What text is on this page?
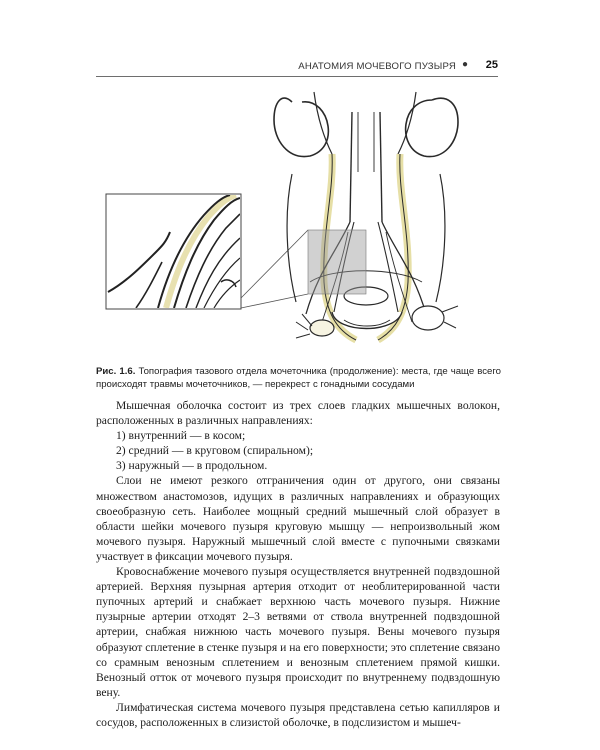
АНАТОМИЯ МОЧЕВОГО ПУЗЫРЯ ● 25
Рис. 1.6. Топография тазового отдела мочеточника (продолжение): места, где чаще всего происходят травмы мочеточников, — перекрест с гонадными сосудами

Мышечная оболочка состоит из трех слоев гладких мышечных волокон, расположенных в различных направлениях:

1) внутренний — в косом;

2) средний — в круговом (спиральном);

3) наружный — в продольном.

Слои не имеют резкого отграничения один от другого, они связаны множеством анастомозов, идущих в различных направлениях и образующих своеобразную сеть. Наиболее мощный средний мышечный слой образует в области шейки мочевого пузыря круговую мышцу — непроизвольный жом мочевого пузыря. Наружный мышечный слой вместе с пупочными связками участвует в фиксации мочевого пузыря.

Кровоснабжение мочевого пузыря осуществляется внутренней подвздошной артерией. Верхняя пузырная артерия отходит от необлитерированной части пупочных артерий и снабжает верхнюю часть мочевого пузыря. Нижние пузырные артерии отходят 2–3 ветвями от ствола внутренней подвздошной артерии, снабжая нижнюю часть мочевого пузыря. Вены мочевого пузыря образуют сплетение в стенке пузыря и на его поверхности; это сплетение связано со срамным венозным сплетением и венозным сплетением прямой кишки. Венозный отток от мочевого пузыря происходит по внутреннему подвздошную вену.

Лимфатическая система мочевого пузыря представлена сетью капилляров и сосудов, расположенных в слизистой оболочке, в подслизистом и мышеч-
